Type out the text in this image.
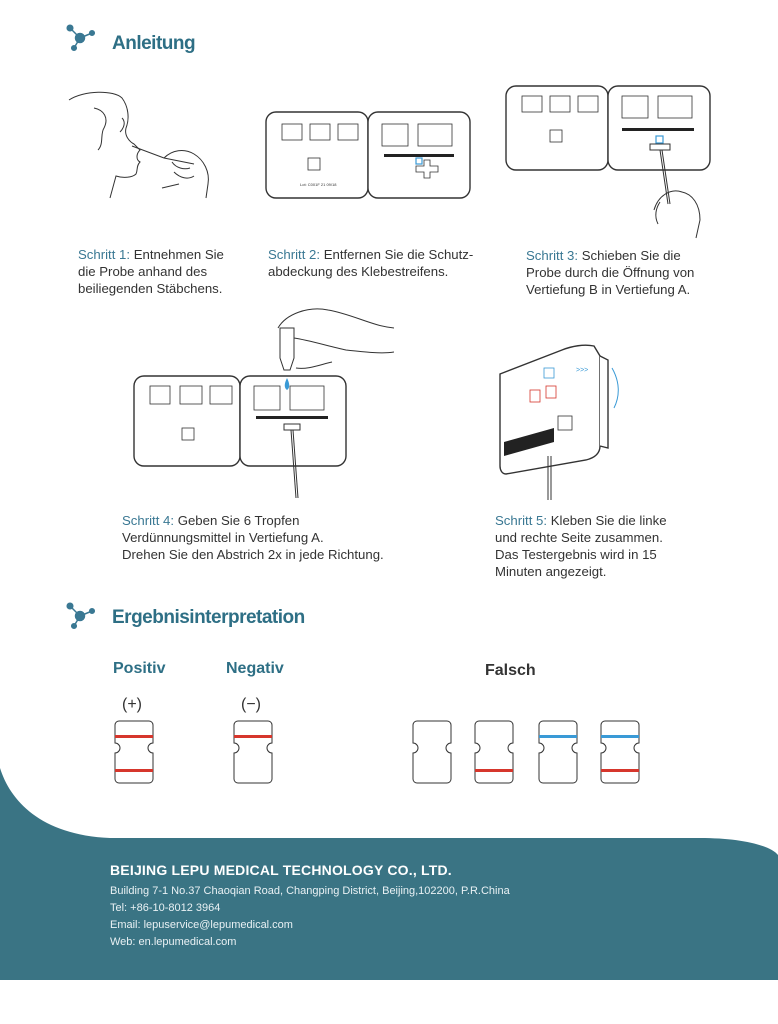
Anleitung
Lot: C001F 21 09/18
Schritt 1: Entnehmen Sie
die Probe anhand des
beiliegenden Stäbchens.
Schritt 2: Entfernen Sie die Schutz-
abdeckung des Klebestreifens.
Schritt 3: Schieben Sie die
Probe durch die Öffnung von
Vertiefung B in Vertiefung A.
>>>
Schritt 4: Geben Sie 6 Tropfen
Verdünnungsmittel in Vertiefung A.
Drehen Sie den Abstrich 2x in jede Richtung.
Schritt 5: Kleben Sie die linke
und rechte Seite zusammen.
Das Testergebnis wird in 15
Minuten angezeigt.
Ergebnisinterpretation
Positiv	Negativ	Falsch
(+)	(−)
BEIJING LEPU MEDICAL TECHNOLOGY CO., LTD.
Building 7-1 No.37 Chaoqian Road, Changping District, Beijing,102200, P.R.China
Tel: +86-10-8012 3964
Email: lepuservice@lepumedical.com
Web: en.lepumedical.com
